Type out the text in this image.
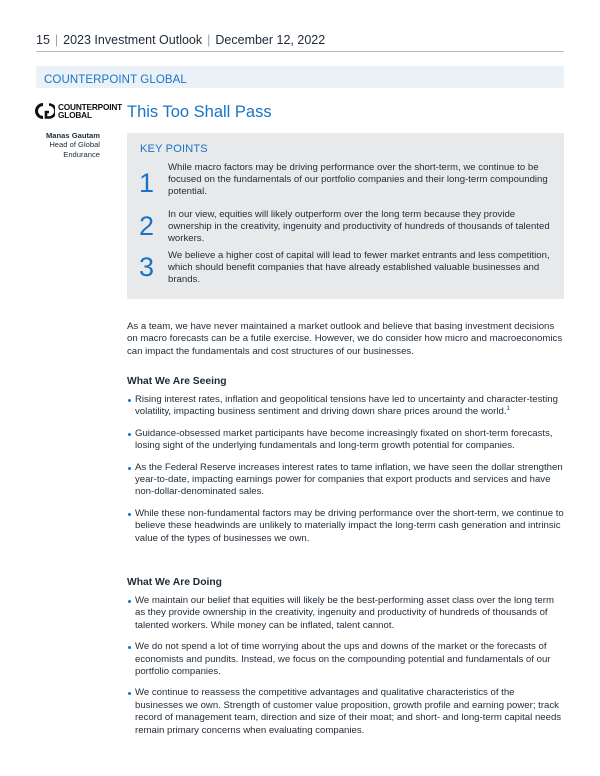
15 | 2023 Investment Outlook | December 12, 2022
COUNTERPOINT GLOBAL
COUNTERPOINT
GLOBAL
Manas Gautam
Head of Global
Endurance
This Too Shall Pass
KEY POINTS
1
While macro factors may be driving performance over the short-term, we continue to be focused on the fundamentals of our portfolio companies and their long-term compounding potential.
2	In our view, equities will likely outperform over the long term because they provide ownership in the creativity, ingenuity and productivity of hundreds of thousands of talented workers.
3	We believe a higher cost of capital will lead to fewer market entrants and less competition, which should benefit companies that have already established valuable businesses and brands.

As a team, we have never maintained a market outlook and believe that basing investment decisions on macro forecasts can be a futile exercise. However, we do consider how micro and macroeconomics can impact the fundamentals and cost structures of our businesses.

What We Are Seeing
Rising interest rates, inflation and geopolitical tensions have led to uncertainty and character-testing volatility, impacting business sentiment and driving down share prices around the world.$^1$
Guidance-obsessed market participants have become increasingly fixated on short-term forecasts, losing sight of the underlying fundamentals and long-term growth potential for companies.
As the Federal Reserve increases interest rates to tame inflation, we have seen the dollar strengthen year-to-date, impacting earnings power for companies that export products and services and have non-dollar-denominated sales.
While these non-fundamental factors may be driving performance over the short-term, we continue to believe these headwinds are unlikely to materially impact the long-term cash generation and intrinsic value of the types of businesses we own.
What We Are Doing
We maintain our belief that equities will likely be the best-performing asset class over the long term as they provide ownership in the creativity, ingenuity and productivity of hundreds of thousands of talented workers. While money can be inflated, talent cannot.
We do not spend a lot of time worrying about the ups and downs of the market or the forecasts of economists and pundits. Instead, we focus on the compounding potential and fundamentals of our portfolio companies.
We continue to reassess the competitive advantages and qualitative characteristics of the businesses we own. Strength of customer value proposition, growth profile and earning power; track record of management team, direction and size of their moat; and short- and long-term capital needs remain primary concerns when evaluating companies.
